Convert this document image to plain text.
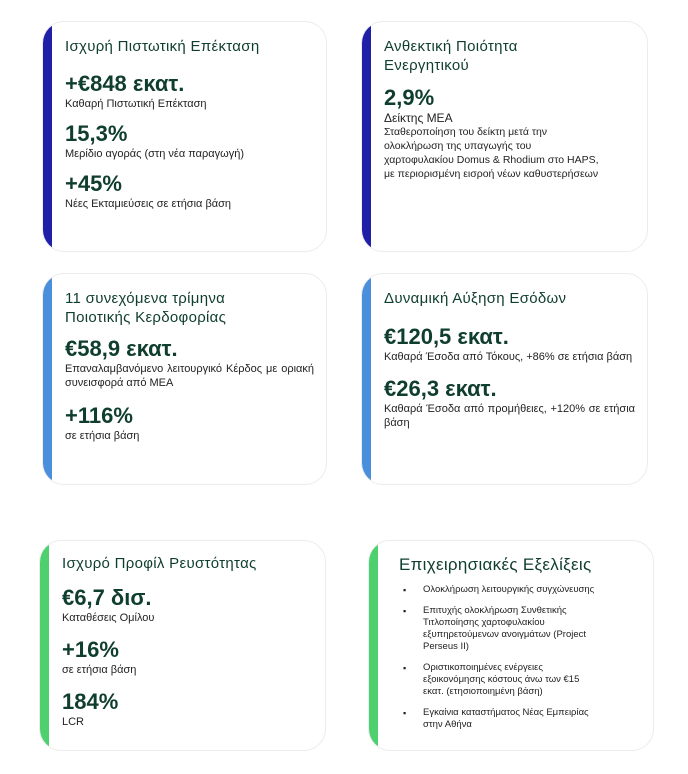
Ισχυρή Πιστωτική Επέκταση
+€848 εκατ.
Καθαρή Πιστωτική Επέκταση
15,3%
Μερίδιο αγοράς (στη νέα παραγωγή)
+45%
Νέες Εκταμιεύσεις σε ετήσια βάση
Ανθεκτική Ποιότητα
Ενεργητικού
2,9%
Δείκτης ΜΕΑ
Σταθεροποίηση του δείκτη μετά την
ολοκλήρωση της υπαγωγής του
χαρτοφυλακίου Domus & Rhodium στο HAPS,
με περιορισμένη εισροή νέων καθυστερήσεων
11 συνεχόμενα τρίμηνα
Ποιοτικής Κερδοφορίας
€58,9 εκατ.
Επαναλαμβανόμενο λειτουργικό Κέρδος με οριακή συνεισφορά από ΜΕΑ
+116%
σε ετήσια βάση
Δυναμική Αύξηση Εσόδων
€120,5 εκατ.
Καθαρά Έσοδα από Τόκους, +86% σε ετήσια βάση
€26,3 εκατ.
Καθαρά Έσοδα από προμήθειες, +120% σε ετήσια βάση
Ισχυρό Προφίλ Ρευστότητας
€6,7 δισ.
Καταθέσεις Ομίλου
+16%
σε ετήσια βάση
184%
LCR
Επιχειρησιακές Εξελίξεις
▪ Ολοκλήρωση λειτουργικής συγχώνευσης
▪ Επιτυχής ολοκλήρωση Συνθετικής
Τιτλοποίησης χαρτοφυλακίου
εξυπηρετούμενων ανοιγμάτων (Project
Perseus II)
▪ Οριστικοποιημένες ενέργειες
εξοικονόμησης κόστους άνω των €15
εκατ. (ετησιοποιημένη βάση)
▪ Εγκαίνια καταστήματος Νέας Εμπειρίας
στην Αθήνα
